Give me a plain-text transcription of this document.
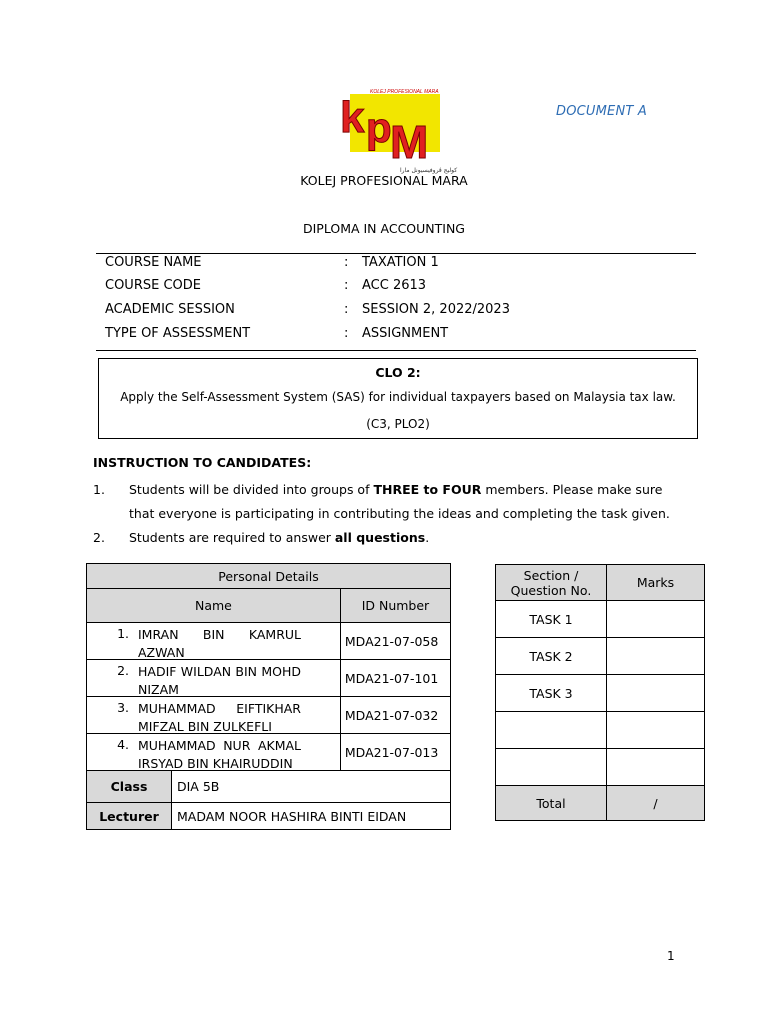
KOLEJ PROFESIONAL MARA
k p
M
كوليج ڤروفيسيونل مارا
DOCUMENT A
KOLEJ PROFESIONAL MARA
DIPLOMA IN ACCOUNTING
COURSE NAME	: TAXATION 1
COURSE CODE	: ACC 2613
ACADEMIC SESSION	: SESSION 2, 2022/2023
TYPE OF ASSESSMENT	: ASSIGNMENT
CLO 2:
Apply the Self-Assessment System (SAS) for individual taxpayers based on Malaysia tax law.
(C3, PLO2)
INSTRUCTION TO CANDIDATES:
1. Students will be divided into groups of THREE to FOUR members. Please make sure that everyone is participating in contributing the ideas and completing the task given.
2. Students are required to answer all questions.
Personal Details		
Name		ID Number

1. IMRAN BIN KAMRUL AZWAN		MDA21-07-058

2. HADIF WILDAN BIN MOHD NIZAM		MDA21-07-101

3. MUHAMMAD EIFTIKHAR MIFZAL BIN ZULKEFLI		MDA21-07-032

4. MUHAMMAD NUR AKMAL IRSYAD BIN KHAIRUDDIN		MDA21-07-013
Class	DIA 5B	
Lecturer	MADAM NOOR HASHIRA BINTI EIDAN	
Section / Question No.	Marks
TASK 1	
TASK 2	
TASK 3	

Total	/
1
